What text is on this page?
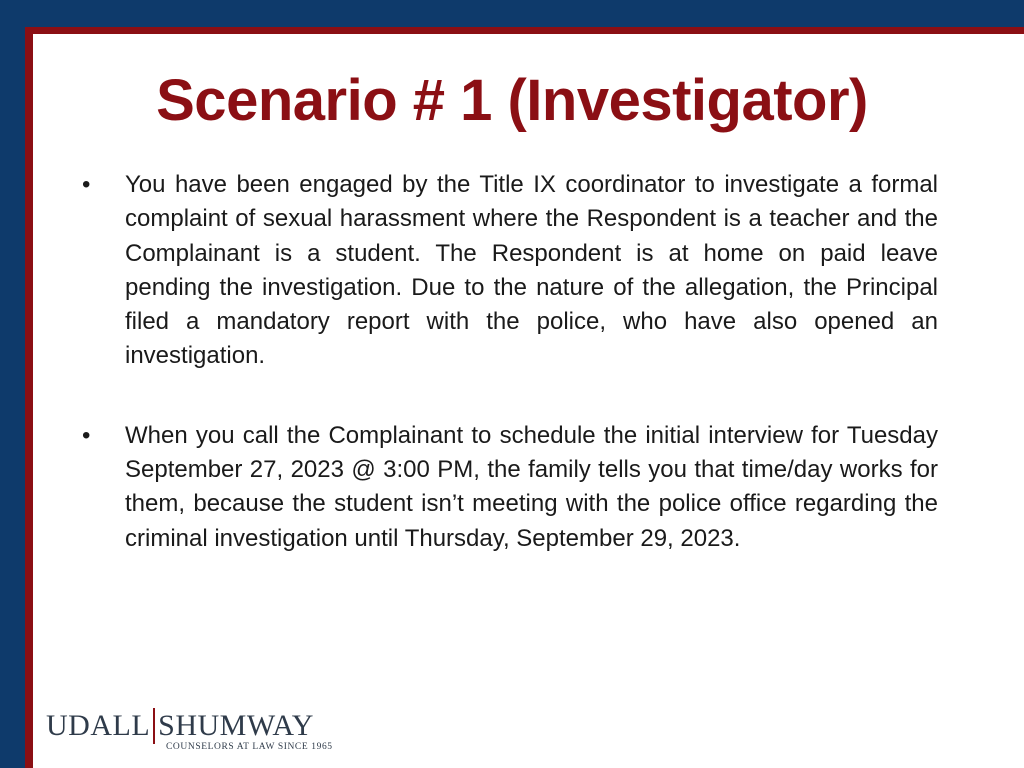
Scenario # 1 (Investigator)
•	You have been engaged by the Title IX coordinator to investigate a formal complaint of sexual harassment where the Respondent is a teacher and the Complainant is a student. The Respondent is at home on paid leave pending the investigation. Due to the nature of the allegation, the Principal filed a mandatory report with the police, who have also opened an investigation.
•	When you call the Complainant to schedule the initial interview for Tuesday September 27, 2023 @ 3:00 PM, the family tells you that time/day works for them, because the student isn’t meeting with the police office regarding the criminal investigation until Thursday, September 29, 2023.
UDALL SHUMWAY
COUNSELORS AT LAW SINCE 1965
